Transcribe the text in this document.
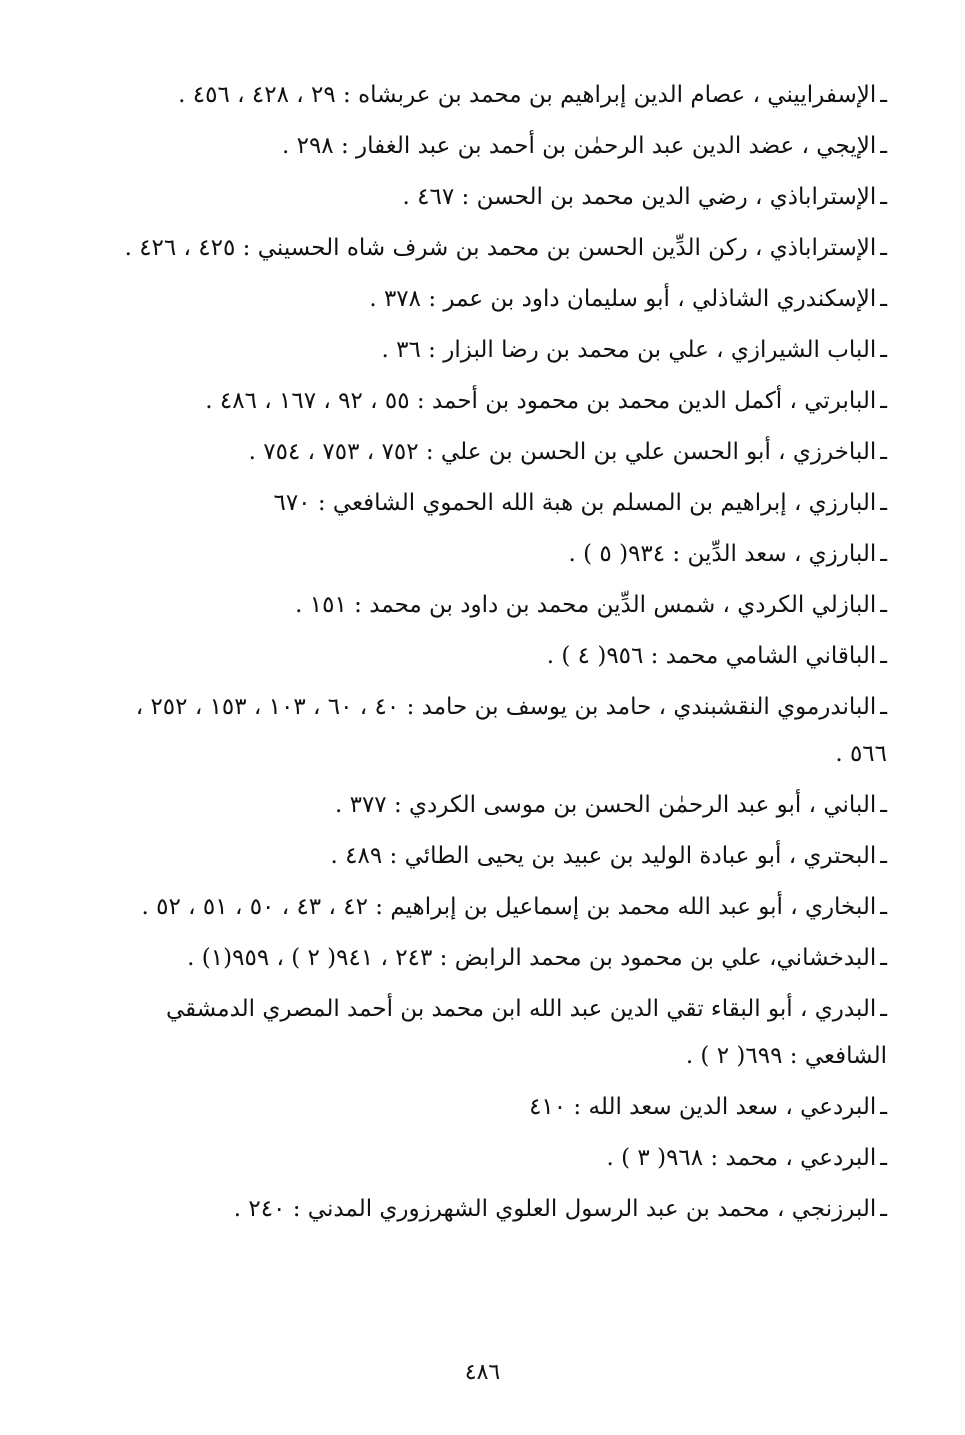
ـالإسفراييني ، عصام الدين إبراهيم بن محمد بن عربشاه : ٢٩ ، ٤٢٨ ، ٤٥٦ .
ـالإيجي ، عضد الدين عبد الرحمٰن بن أحمد بن عبد الغفار : ٢٩٨ .
ـالإستراباذي ، رضي الدين محمد بن الحسن : ٤٦٧ .
ـالإستراباذي ، ركن الدِّين الحسن بن محمد بن شرف شاه الحسيني : ٤٢٥ ، ٤٢٦ .
ـالإسكندري الشاذلي ، أبو سليمان داود بن عمر : ٣٧٨ .
ـالباب الشيرازي ، علي بن محمد بن رضا البزار : ٣٦ .
ـالبابرتي ، أكمل الدين محمد بن محمود بن أحمد : ٥٥ ، ٩٢ ، ١٦٧ ، ٤٨٦ .
ـالباخرزي ، أبو الحسن علي بن الحسن بن علي : ٧٥٢ ، ٧٥٣ ، ٧٥٤ .
ـالبارزي ، إبراهيم بن المسلم بن هبة الله الحموي الشافعي : ٦٧٠
ـالبارزي ، سعد الدِّين : ٩٣٤( ٥ ) .
ـالبازلي الكردي ، شمس الدِّين محمد بن داود بن محمد : ١٥١ .
ـالباقاني الشامي محمد : ٩٥٦( ٤ ) .
ـالباندرموي النقشبندي ، حامد بن يوسف بن حامد : ٤٠ ، ٦٠ ، ١٠٣ ، ١٥٣ ، ٢٥٢ ، ٥٦٦ .
ـالباني ، أبو عبد الرحمٰن الحسن بن موسى الكردي : ٣٧٧ .
ـالبحتري ، أبو عبادة الوليد بن عبيد بن يحيى الطائي : ٤٨٩ .
ـالبخاري ، أبو عبد الله محمد بن إسماعيل بن إبراهيم : ٤٢ ، ٤٣ ، ٥٠ ، ٥١ ، ٥٢ .
ـالبدخشاني، علي بن محمود بن محمد الرابض : ٢٤٣ ، ٩٤١( ٢ ) ، ٩٥٩(١) .
ـالبدري ، أبو البقاء تقي الدين عبد الله ابن محمد بن أحمد المصري الدمشقي الشافعي : ٦٩٩( ٢ ) .
ـالبردعي ، سعد الدين سعد الله : ٤١٠
ـالبردعي ، محمد : ٩٦٨( ٣ ) .
ـالبرزنجي ، محمد بن عبد الرسول العلوي الشهرزوري المدني : ٢٤٠ .
٤٨٦
